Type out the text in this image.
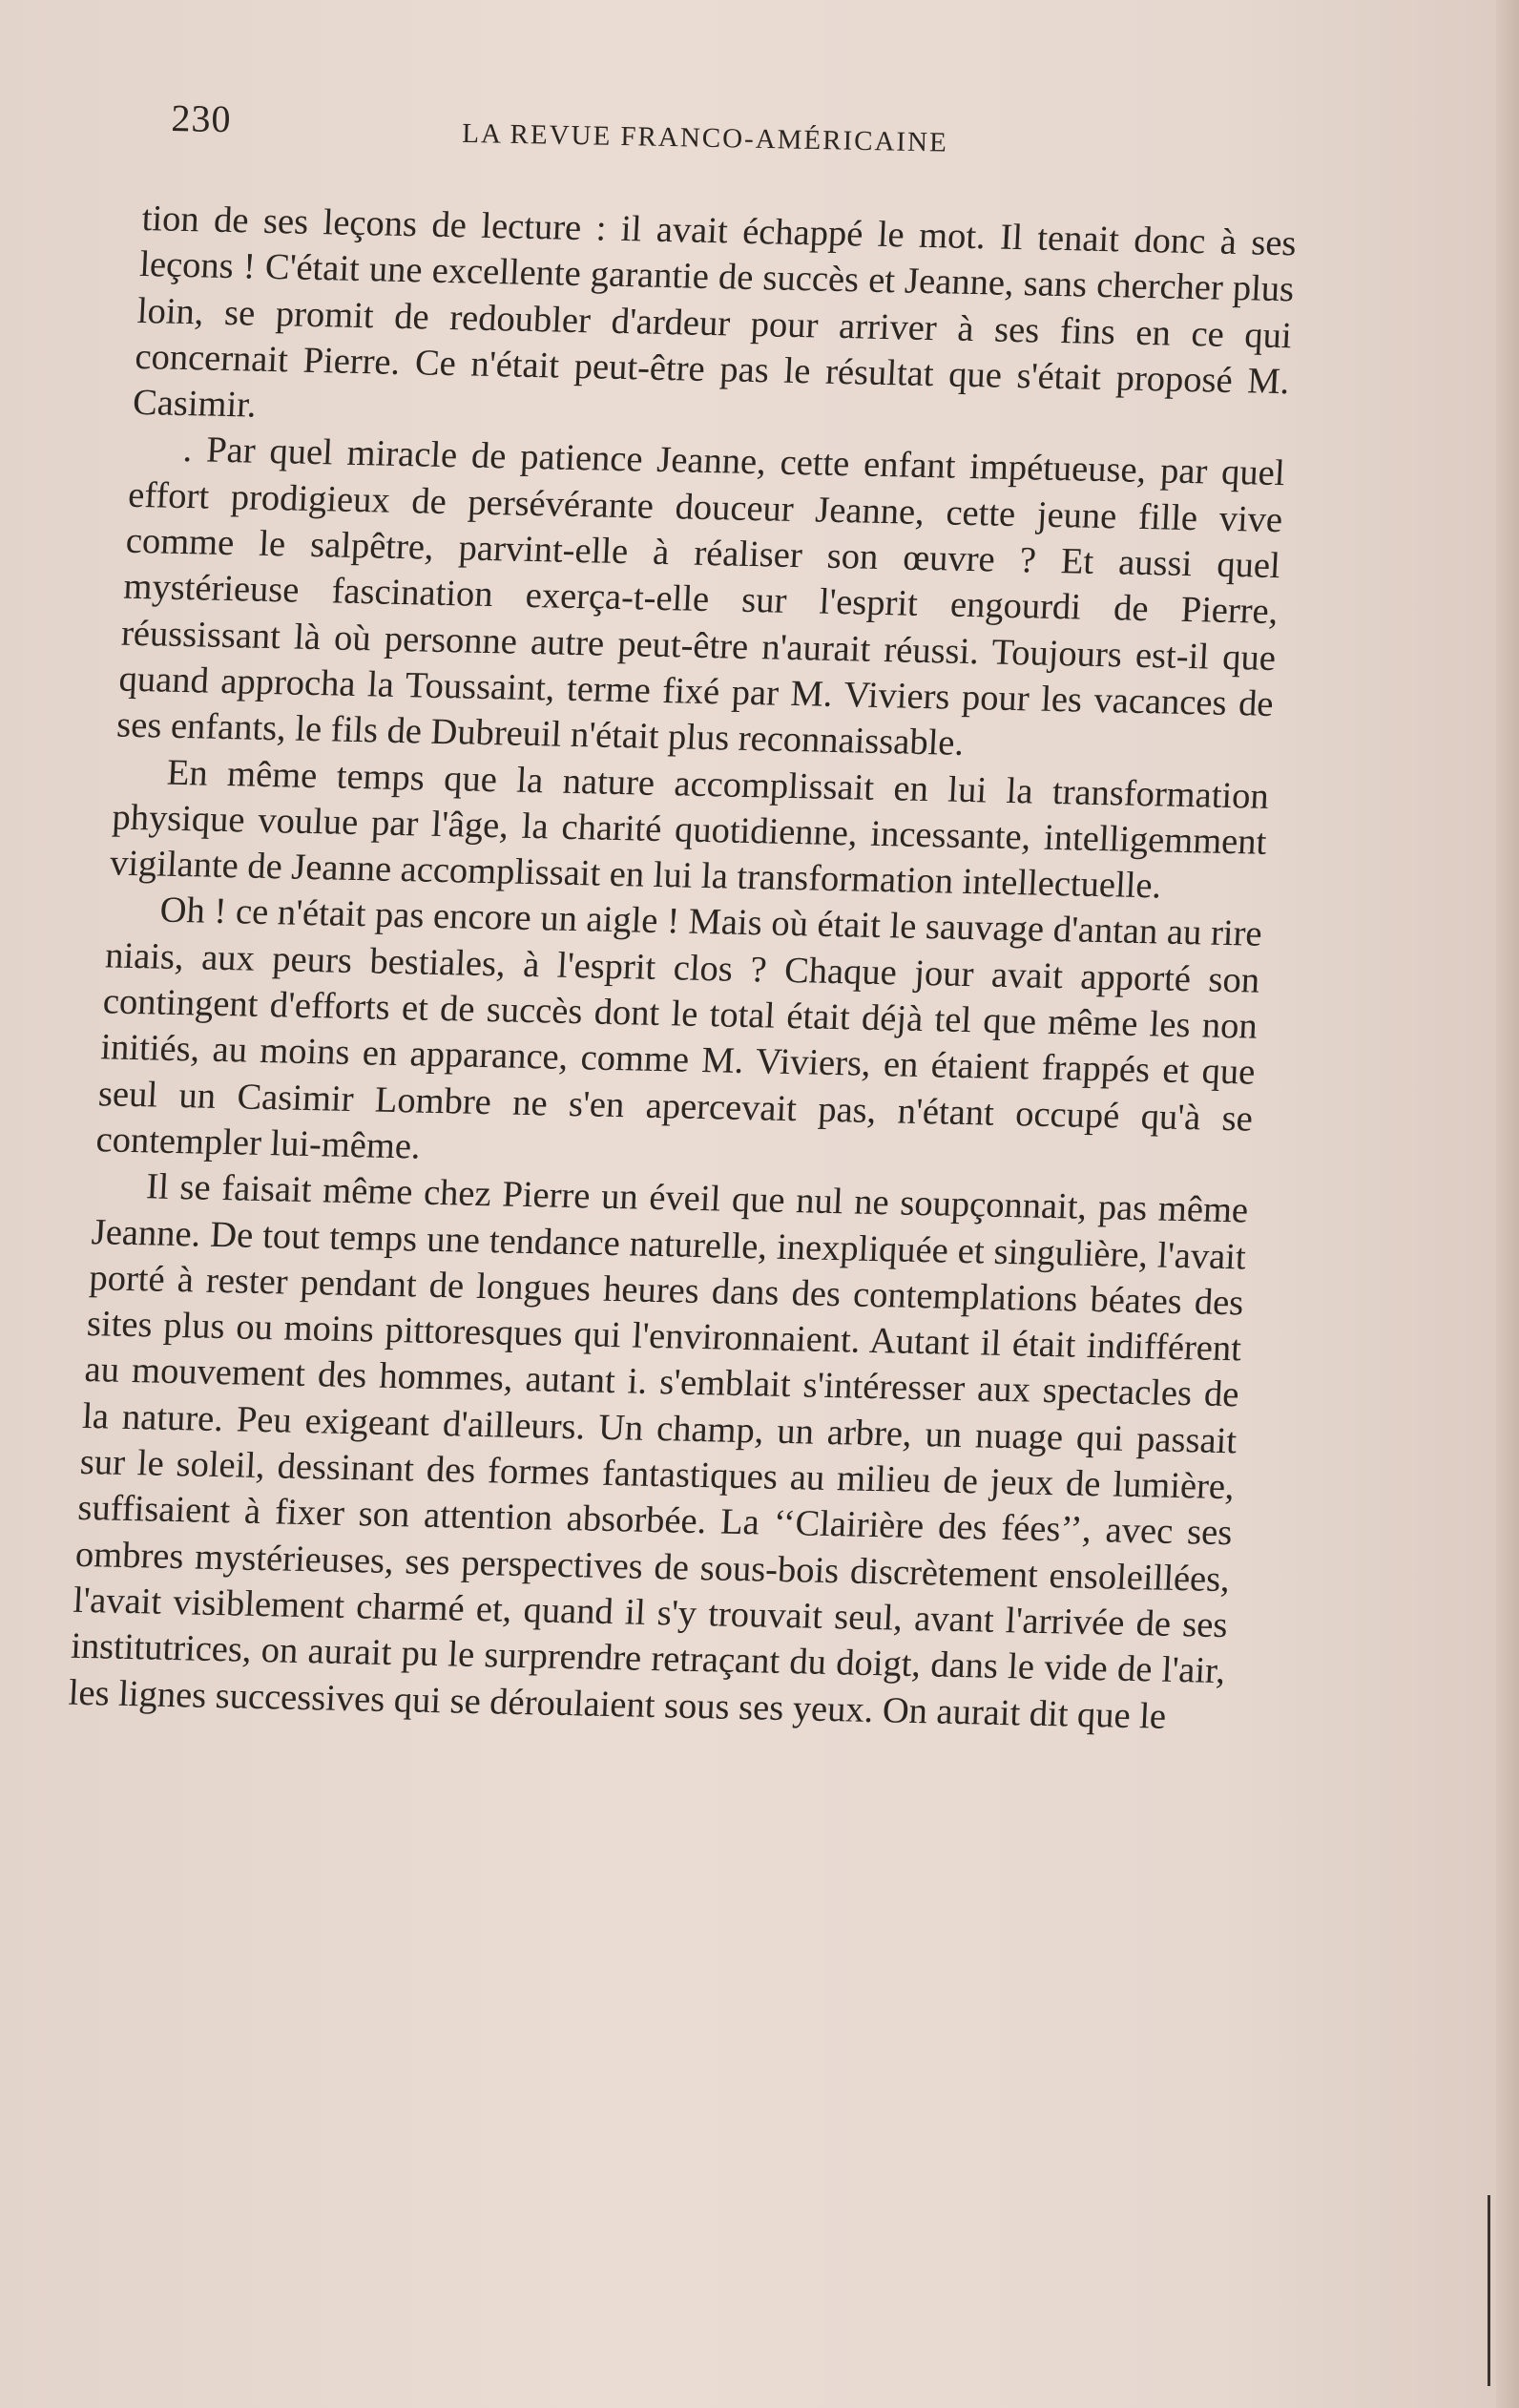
230	LA REVUE FRANCO-AMÉRICAINE

tion de ses leçons de lecture : il avait échappé le mot. Il tenait donc à ses leçons ! C'était une excellente garantie de succès et Jeanne, sans chercher plus loin, se promit de redoubler d'ardeur pour arriver à ses fins en ce qui concernait Pierre. Ce n'était peut-être pas le résultat que s'était proposé M. Casimir.

. Par quel miracle de patience Jeanne, cette enfant impétueuse, par quel effort prodigieux de persévérante douceur Jeanne, cette jeune fille vive comme le salpêtre, parvint-elle à réaliser son œuvre ? Et aussi quel mystérieuse fascination exerça-t-elle sur l'esprit engourdi de Pierre, réussissant là où personne autre peut-être n'aurait réussi. Toujours est-il que quand approcha la Toussaint, terme fixé par M. Viviers pour les vacances de ses enfants, le fils de Dubreuil n'était plus reconnaissable.

En même temps que la nature accomplissait en lui la transformation physique voulue par l'âge, la charité quotidienne, incessante, intelligemment vigilante de Jeanne accomplissait en lui la transformation intellectuelle.

Oh ! ce n'était pas encore un aigle ! Mais où était le sauvage d'antan au rire niais, aux peurs bestiales, à l'esprit clos ? Chaque jour avait apporté son contingent d'efforts et de succès dont le total était déjà tel que même les non initiés, au moins en apparance, comme M. Viviers, en étaient frappés et que seul un Casimir Lombre ne s'en apercevait pas, n'étant occupé qu'à se contempler lui-même.

Il se faisait même chez Pierre un éveil que nul ne soupçonnait, pas même Jeanne. De tout temps une tendance naturelle, inexpliquée et singulière, l'avait porté à rester pendant de longues heures dans des contemplations béates des sites plus ou moins pittoresques qui l'environnaient. Autant il était indifférent au mouvement des hommes, autant i. s'emblait s'intéresser aux spectacles de la nature. Peu exigeant d'ailleurs. Un champ, un arbre, un nuage qui passait sur le soleil, dessinant des formes fantastiques au milieu de jeux de lumière, suffisaient à fixer son attention absorbée. La ‘‘Clairière des fées’’, avec ses ombres mystérieuses, ses perspectives de sous-bois discrètement ensoleillées, l'avait visiblement charmé et, quand il s'y trouvait seul, avant l'arrivée de ses institutrices, on aurait pu le surprendre retraçant du doigt, dans le vide de l'air, les lignes successives qui se déroulaient sous ses yeux. On aurait dit que le
